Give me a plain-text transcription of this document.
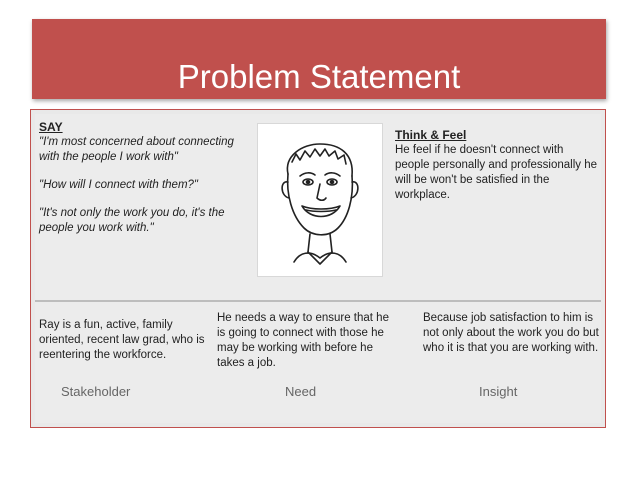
Problem Statement
SAY
"I'm most concerned about connecting with the people I work with"
"How will I connect with them?"
"It's not only the work you do, it's the people you work with."
Think & Feel
He feel if he doesn't connect with people personally and professionally he will be won't be satisfied in the workplace.
Ray is a fun, active, family oriented, recent law grad, who is reentering the workforce.
He needs a way to ensure that he is going to connect with those he may be working with before he takes a job.
Because job satisfaction to him is not only about the work you do but who it is that you are working with.
Stakeholder	Need	Insight
